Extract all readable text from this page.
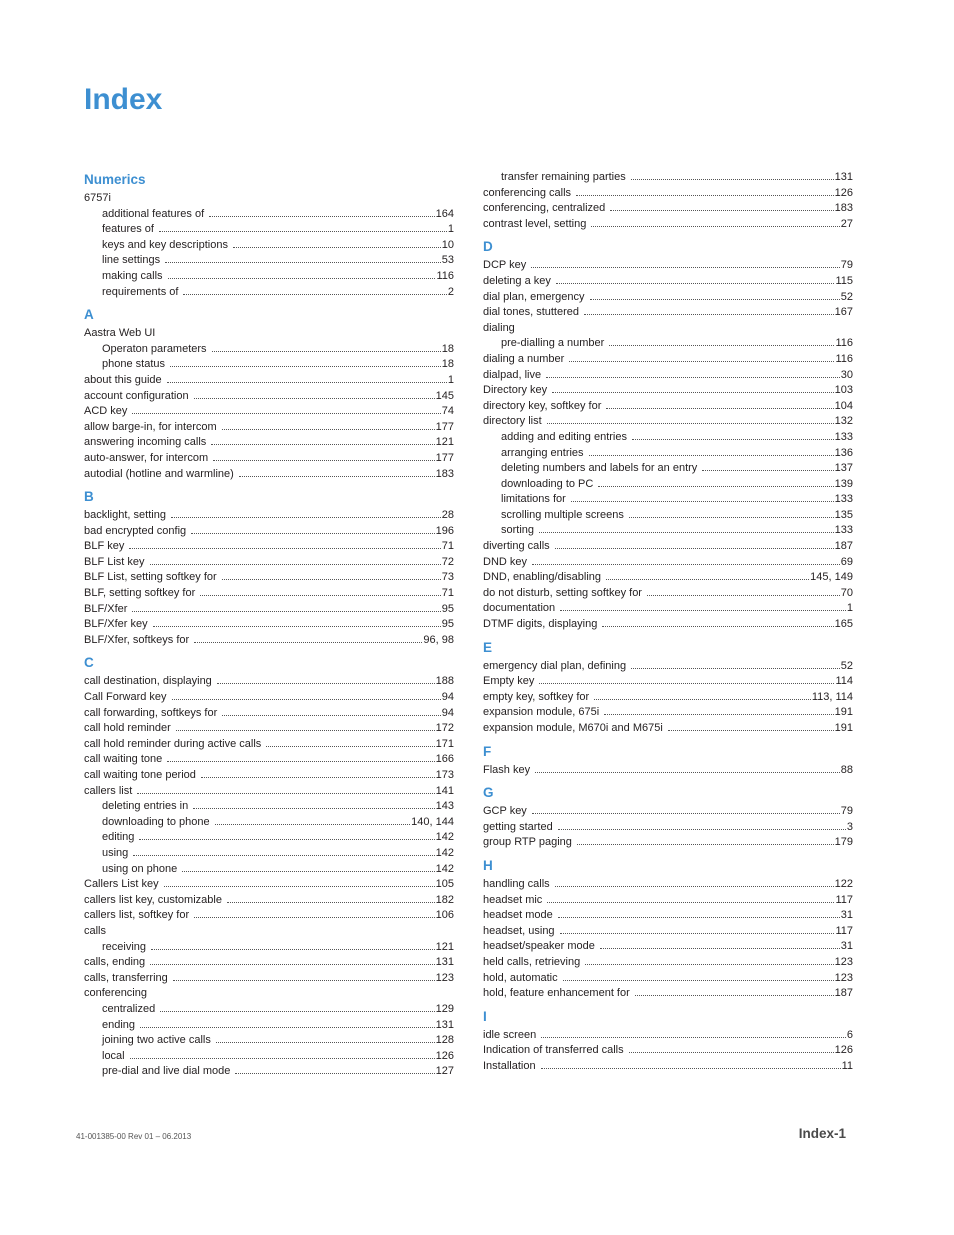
Index
Numerics
6757i
additional features of	164
features of	1
keys and key descriptions	10
line settings	53
making calls	116
requirements of	2
A
Aastra Web UI
Operaton parameters	18
phone status	18
about this guide	1
account configuration	145
ACD key	74
allow barge-in, for intercom	177
answering incoming calls	121
auto-answer, for intercom	177
autodial (hotline and warmline)	183
B
backlight, setting	28
bad encrypted config	196
BLF key	71
BLF List key	72
BLF List, setting softkey for	73
BLF, setting softkey for	71
BLF/Xfer	95
BLF/Xfer key	95
BLF/Xfer, softkeys for	96, 98
C
call destination, displaying	188
Call Forward key	94
call forwarding, softkeys for	94
call hold reminder	172
call hold reminder during active calls	171
call waiting tone	166
call waiting tone period	173
callers list	141
deleting entries in	143
downloading to phone	140, 144
editing	142
using	142
using on phone	142
Callers List key	105
callers list key, customizable	182
callers list, softkey for	106
calls
receiving	121
calls, ending	131
calls, transferring	123
conferencing
centralized	129
ending	131
joining two active calls	128
local	126
pre-dial and live dial mode	127
transfer remaining parties	131
conferencing calls	126
conferencing, centralized	183
contrast level, setting	27
D
DCP key	79
deleting a key	115
dial plan, emergency	52
dial tones, stuttered	167
dialing
pre-dialling a number	116
dialing a number	116
dialpad, live	30
Directory key	103
directory key, softkey for	104
directory list	132
adding and editing entries	133
arranging entries	136
deleting numbers and labels for an entry	137
downloading to PC	139
limitations for	133
scrolling multiple screens	135
sorting	133
diverting calls	187
DND key	69
DND, enabling/disabling	145, 149
do not disturb, setting softkey for	70
documentation	1
DTMF digits, displaying	165
E
emergency dial plan, defining	52
Empty key	114
empty key, softkey for	113, 114
expansion module, 675i	191
expansion module, M670i and M675i	191
F
Flash key	88
G
GCP key	79
getting started	3
group RTP paging	179
H
handling calls	122
headset mic	117
headset mode	31
headset, using	117
headset/speaker mode	31
held calls, retrieving	123
hold, automatic	123
hold, feature enhancement for	187
I
idle screen	6
Indication of transferred calls	126
Installation	11
41-001385-00 Rev 01 – 06.2013	Index-1
